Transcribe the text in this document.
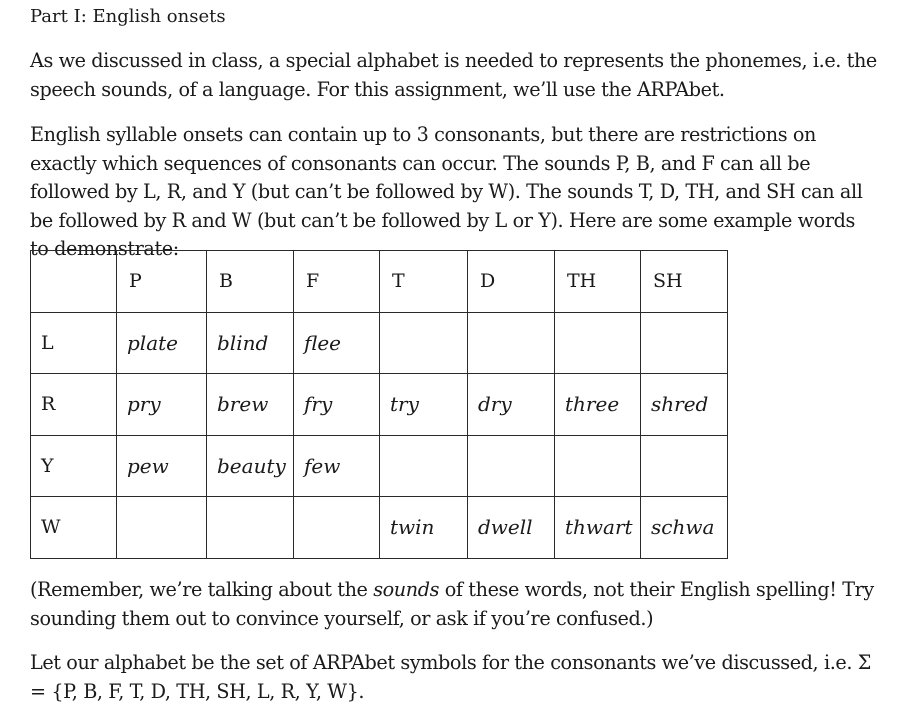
Part I: English onsets

As we discussed in class, a special alphabet is needed to represents the phonemes, i.e. the speech sounds, of a language. For this assignment, we’ll use the ARPAbet.

English syllable onsets can contain up to 3 consonants, but there are restrictions on exactly which sequences of consonants can occur. The sounds P, B, and F can all be followed by L, R, and Y (but can’t be followed by W). The sounds T, D, TH, and SH can all be followed by R and W (but can’t be followed by L or Y). Here are some example words to demonstrate:

	P	B	F	T	D	TH	SH
L	plate	blind	flee				
R	pry	brew	fry	try	dry	three	shred
Y	pew	beauty	few				
W				twin	dwell	thwart	schwa

(Remember, we’re talking about the sounds of these words, not their English spelling! Try sounding them out to convince yourself, or ask if you’re confused.)

Let our alphabet be the set of ARPAbet symbols for the consonants we’ve discussed, i.e. Σ = {P, B, F, T, D, TH, SH, L, R, Y, W}.
